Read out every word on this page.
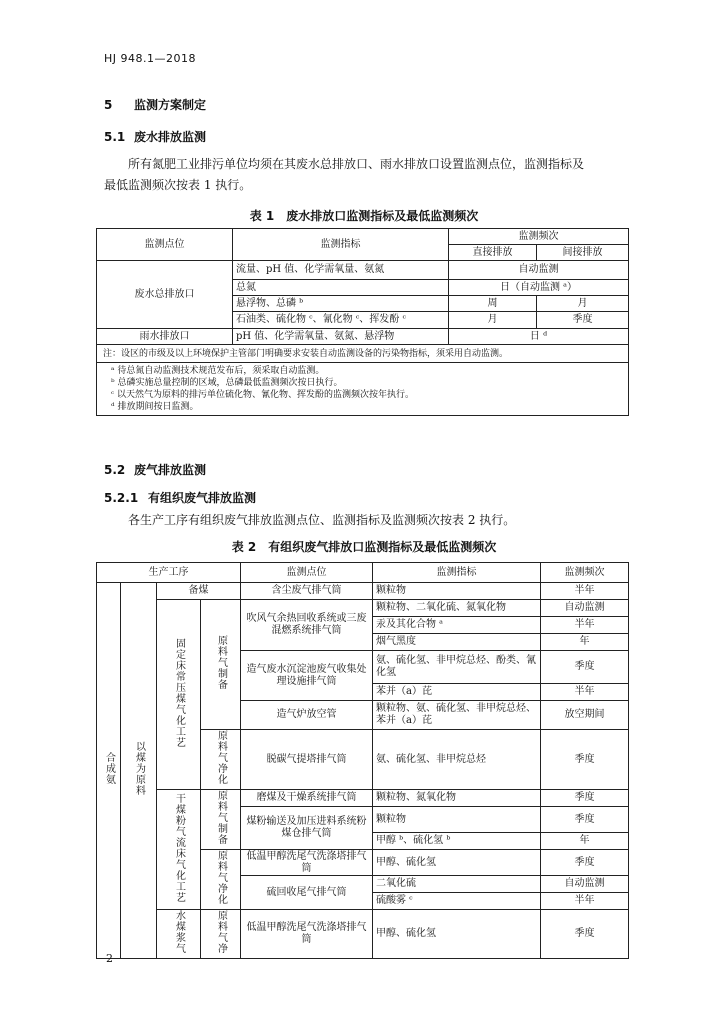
HJ 948.1—2018
5 监测方案制定
5.1 废水排放监测
所有氮肥工业排污单位均须在其废水总排放口、雨水排放口设置监测点位，监测指标及
最低监测频次按表 1 执行。
表 1　废水排放口监测指标及最低监测频次
监测点位	监测指标	监测频次	
		直接排放	间接排放
废水总排放口	流量、pH 值、化学需氧量、氨氮	自动监测	
	总氮	日（自动监测 ᵃ）	
	悬浮物、总磷 ᵇ	周	月
	石油类、硫化物 ᶜ、氰化物 ᶜ、挥发酚 ᶜ	月	季度
雨水排放口	pH 值、化学需氧量、氨氮、悬浮物	日 ᵈ	
注：设区的市级及以上环境保护主管部门明确要求安装自动监测设备的污染物指标，须采用自动监测。			

ᵃ 待总氮自动监测技术规范发布后，须采取自动监测。
ᵇ 总磷实施总量控制的区域，总磷最低监测频次按日执行。
ᶜ 以天然气为原料的排污单位硫化物、氰化物、挥发酚的监测频次按年执行。
ᵈ 排放期间按日监测。			
5.2 废气排放监测
5.2.1 有组织废气排放监测
各生产工序有组织废气排放监测点位、监测指标及监测频次按表 2 执行。
表 2　有组织废气排放口监测指标及最低监测频次
生产工序				监测点位	监测指标	监测频次
合成氨	以煤为原料	备煤		含尘废气排气筒	颗粒物	半年
		固定床常压煤气化工艺	原料气制备	吹风气余热回收系统或三废混燃系统排气筒	颗粒物、二氧化硫、氮氧化物	自动监测
					汞及其化合物 ᵃ	半年
					烟气黑度	年
				造气废水沉淀池废气收集处理设施排气筒	氨、硫化氢、非甲烷总烃、酚类、氰化氢	季度
					苯并（a）芘	半年
				造气炉放空管	颗粒物、氨、硫化氢、非甲烷总烃、苯并（a）芘	放空期间
			原料气净化	脱碳气提塔排气筒	氨、硫化氢、非甲烷总烃	季度
		干煤粉气流床气化工艺	原料气制备	磨煤及干燥系统排气筒	颗粒物、氮氧化物	季度
				煤粉输送及加压进料系统粉煤仓排气筒	颗粒物	季度
					甲醇 ᵇ、硫化氢 ᵇ	年
			原料气净化	低温甲醇洗尾气洗涤塔排气筒	甲醇、硫化氢	季度
				硫回收尾气排气筒	二氧化硫	自动监测
					硫酸雾 ᶜ	半年
		水煤浆气	原料气净	低温甲醇洗尾气洗涤塔排气筒	甲醇、硫化氢	季度
2
